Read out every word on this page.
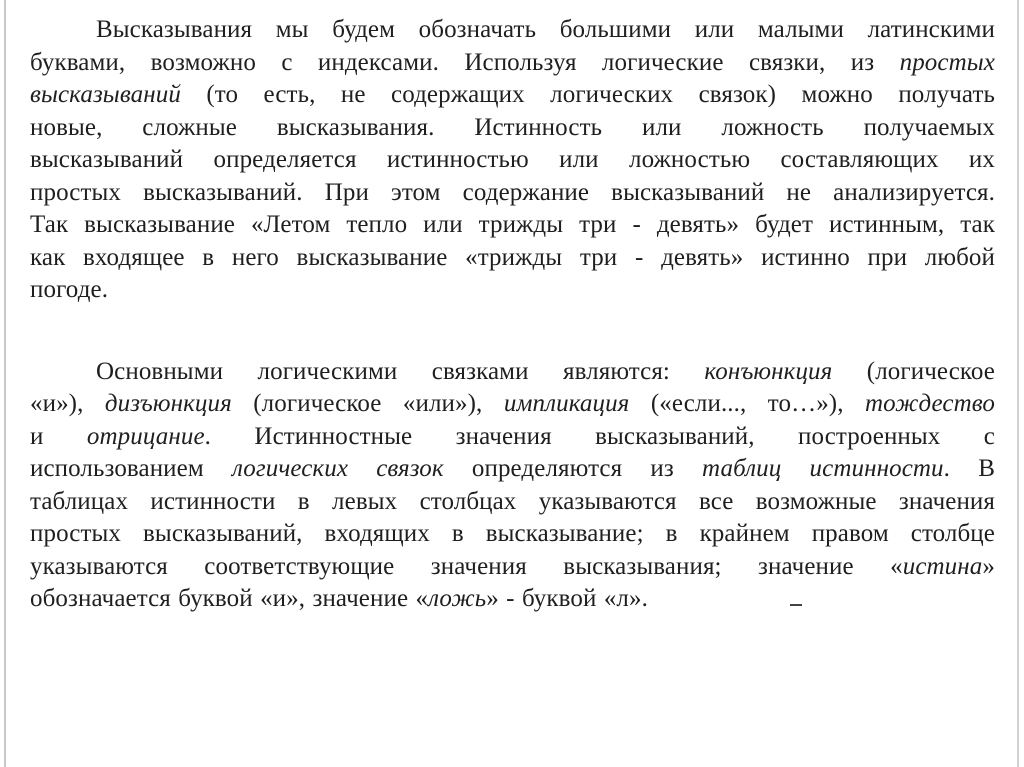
Высказывания мы будем обозначать большими или малыми латинскими
буквами, возможно с индексами. Используя логические связки, из простых
высказываний (то есть, не содержащих логических связок) можно получать
новые, сложные высказывания. Истинность или ложность получаемых
высказываний определяется истинностью или ложностью составляющих их
простых высказываний. При этом содержание высказываний не анализируется.
Так высказывание «Летом тепло или трижды три - девять» будет истинным, так
как входящее в него высказывание «трижды три - девять» истинно при любой
погоде.

Основными логическими связками являются: конъюнкция (логическое
«и»), дизъюнкция (логическое «или»), импликация («если..., то…»), тождество
и отрицание. Истинностные значения высказываний, построенных с
использованием логических связок определяются из таблиц истинности. В
таблицах истинности в левых столбцах указываются все возможные значения
простых высказываний, входящих в высказывание; в крайнем правом столбце
указываются соответствующие значения высказывания; значение «истина»
обозначается буквой «и», значение «ложь» - буквой «л».
